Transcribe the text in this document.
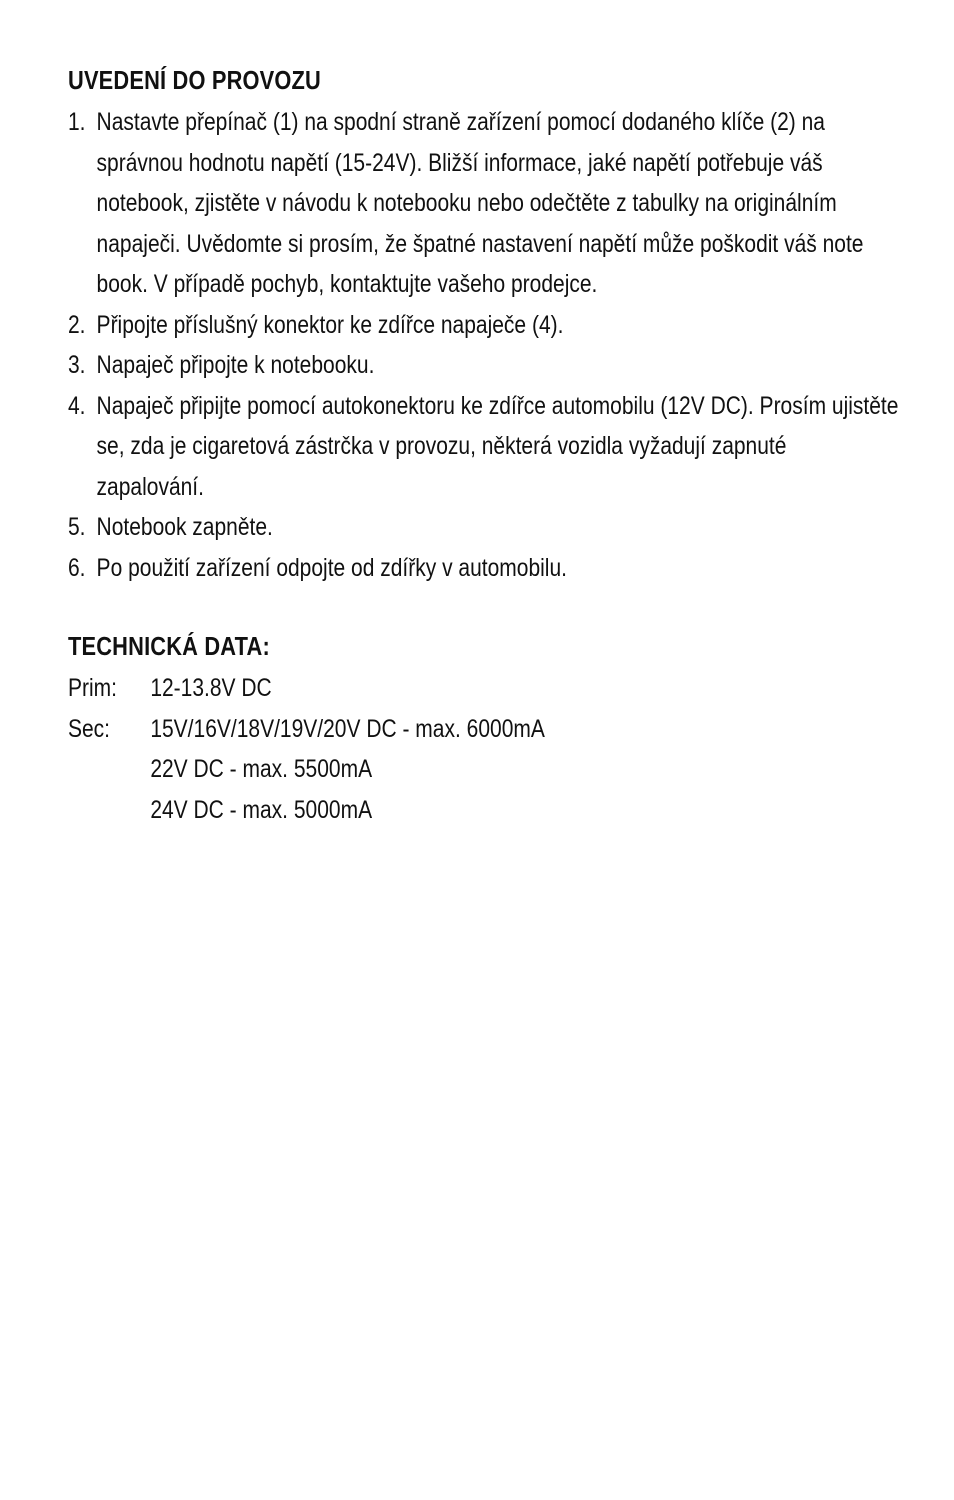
UVEDENÍ DO PROVOZU
1. Nastavte přepínač (1) na spodní straně zařízení pomocí dodaného klíče (2) na správnou hodnotu napětí (15-24V). Bližší informace, jaké napětí potřebuje váš notebook, zjistěte v návodu k notebooku nebo odečtěte z tabulky na originálním napaječi. Uvědomte si prosím, že špatné nastavení napětí může poškodit váš note book. V případě pochyb, kontaktujte vašeho prodejce.
2. Připojte příslušný konektor ke zdířce napaječe (4).
3. Napaječ připojte k notebooku.
4. Napaječ připijte pomocí autokonektoru ke zdířce automobilu (12V DC). Prosím ujistěte se, zda je cigaretová zástrčka v provozu, některá vozidla vyžadují zapnuté zapalování.
5. Notebook zapněte.
6. Po použití zařízení odpojte od zdířky v automobilu.
TECHNICKÁ DATA:
Prim:	12-13.8V DC
Sec:	15V/16V/18V/19V/20V DC - max. 6000mA
22V DC - max. 5500mA
24V DC - max. 5000mA
